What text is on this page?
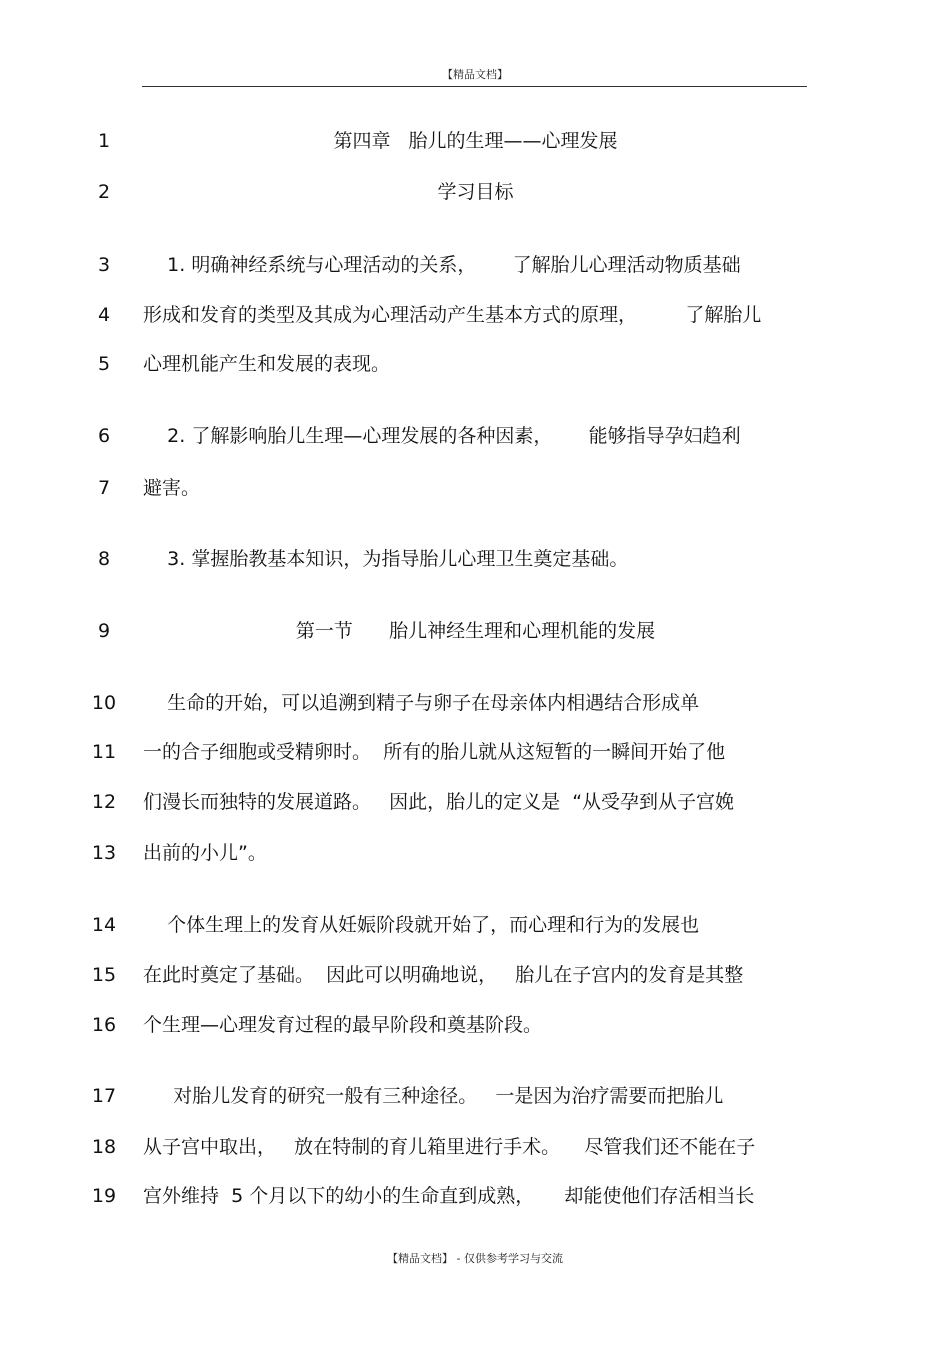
【精品文档】
1	第四章   胎儿的生理——心理发展
2	学习目标
3	1. 明确神经系统与心理活动的关系，      了解胎儿心理活动物质基础
4	形成和发育的类型及其成为心理活动产生基本方式的原理，        了解胎儿
5	心理机能产生和发展的表现。
6	2. 了解影响胎儿生理—心理发展的各种因素，      能够指导孕妇趋利
7	避害。
8	3. 掌握胎教基本知识，为指导胎儿心理卫生奠定基础。
9	第一节      胎儿神经生理和心理机能的发展
10	生命的开始，可以追溯到精子与卵子在母亲体内相遇结合形成单
11	一的合子细胞或受精卵时。  所有的胎儿就从这短暂的一瞬间开始了他
12	们漫长而独特的发展道路。   因此，胎儿的定义是  “从受孕到从子宫娩
13	出前的小儿”。
14	个体生理上的发育从妊娠阶段就开始了，而心理和行为的发展也
15	在此时奠定了基础。  因此可以明确地说，   胎儿在子宫内的发育是其整
16	个生理—心理发育过程的最早阶段和奠基阶段。
17	对胎儿发育的研究一般有三种途径。   一是因为治疗需要而把胎儿
18	从子宫中取出，   放在特制的育儿箱里进行手术。    尽管我们还不能在子
19	宫外维持  5 个月以下的幼小的生命直到成熟，     却能使他们存活相当长
【精品文档】 - 仅供参考学习与交流
